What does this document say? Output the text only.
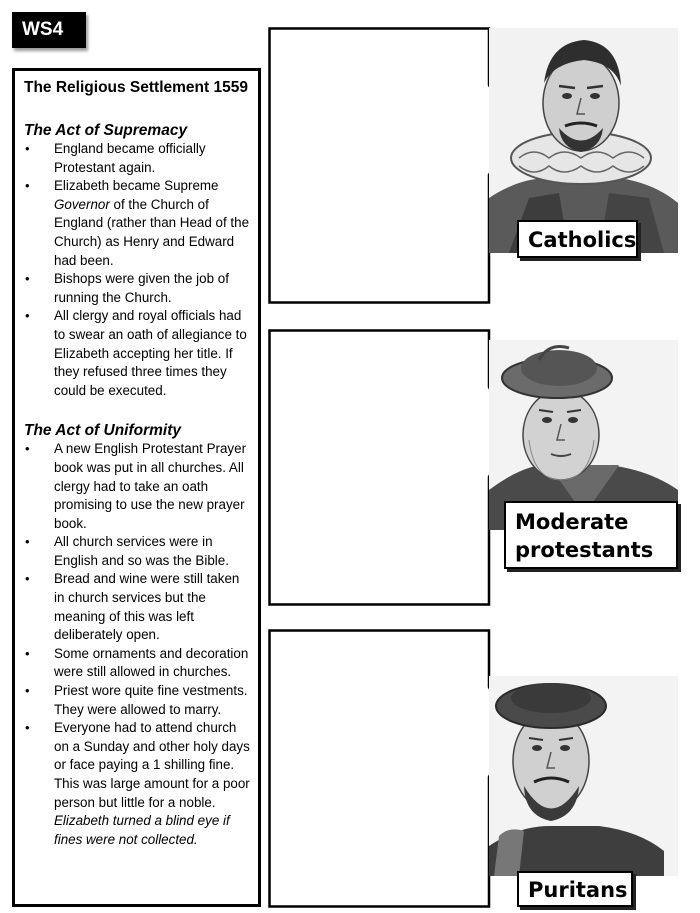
WS4

The Religious Settlement 1559

The Act of Supremacy

• England became officially Protestant again.
• Elizabeth became Supreme Governor of the Church of England (rather than Head of the Church) as Henry and Edward had been.
• Bishops were given the job of running the Church.
• All clergy and royal officials had to swear an oath of allegiance to Elizabeth accepting her title. If they refused three times they could be executed.

The Act of Uniformity

• A new English Protestant Prayer book was put in all churches. All clergy had to take an oath promising to use the new prayer book.
• All church services were in English and so was the Bible.
• Bread and wine were still taken in church services but the meaning of this was left deliberately open.
• Some ornaments and decoration were still allowed in churches.
• Priest wore quite fine vestments. They were allowed to marry.
• Everyone had to attend church on a Sunday and other holy days or face paying a 1 shilling fine. This was large amount for a poor person but little for a noble. Elizabeth turned a blind eye if fines were not collected.
Catholics
Moderate
protestants
Puritans
